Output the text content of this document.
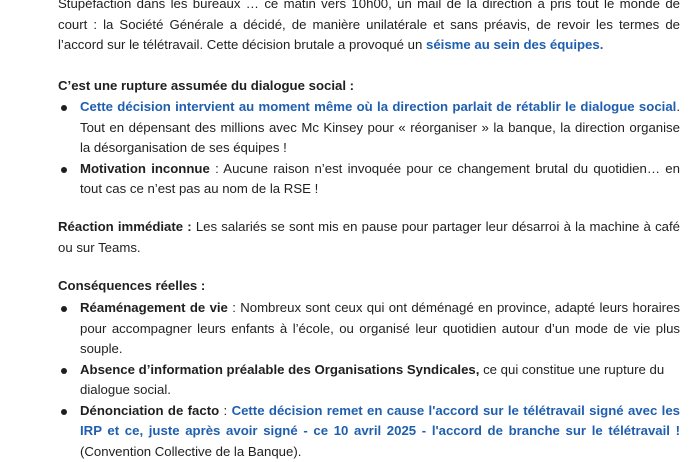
Stupéfaction dans les bureaux … ce matin vers 10h00, un mail de la direction a pris tout le monde de court : la Société Générale a décidé, de manière unilatérale et sans préavis, de revoir les termes de l’accord sur le télétravail. Cette décision brutale a provoqué un séisme au sein des équipes.

C’est une rupture assumée du dialogue social :

Cette décision intervient au moment même où la direction parlait de rétablir le dialogue social. Tout en dépensant des millions avec Mc Kinsey pour « réorganiser » la banque, la direction organise la désorganisation de ses équipes !
Motivation inconnue : Aucune raison n’est invoquée pour ce changement brutal du quotidien… en tout cas ce n’est pas au nom de la RSE !

Réaction immédiate : Les salariés se sont mis en pause pour partager leur désarroi à la machine à café ou sur Teams.

Conséquences réelles :

Réaménagement de vie : Nombreux sont ceux qui ont déménagé en province, adapté leurs horaires pour accompagner leurs enfants à l’école, ou organisé leur quotidien autour d’un mode de vie plus souple.
Absence d’information préalable des Organisations Syndicales, ce qui constitue une rupture du dialogue social.
Dénonciation de facto : Cette décision remet en cause l'accord sur le télétravail signé avec les IRP et ce, juste après avoir signé - ce 10 avril 2025 - l'accord de branche sur le télétravail ! (Convention Collective de la Banque).
